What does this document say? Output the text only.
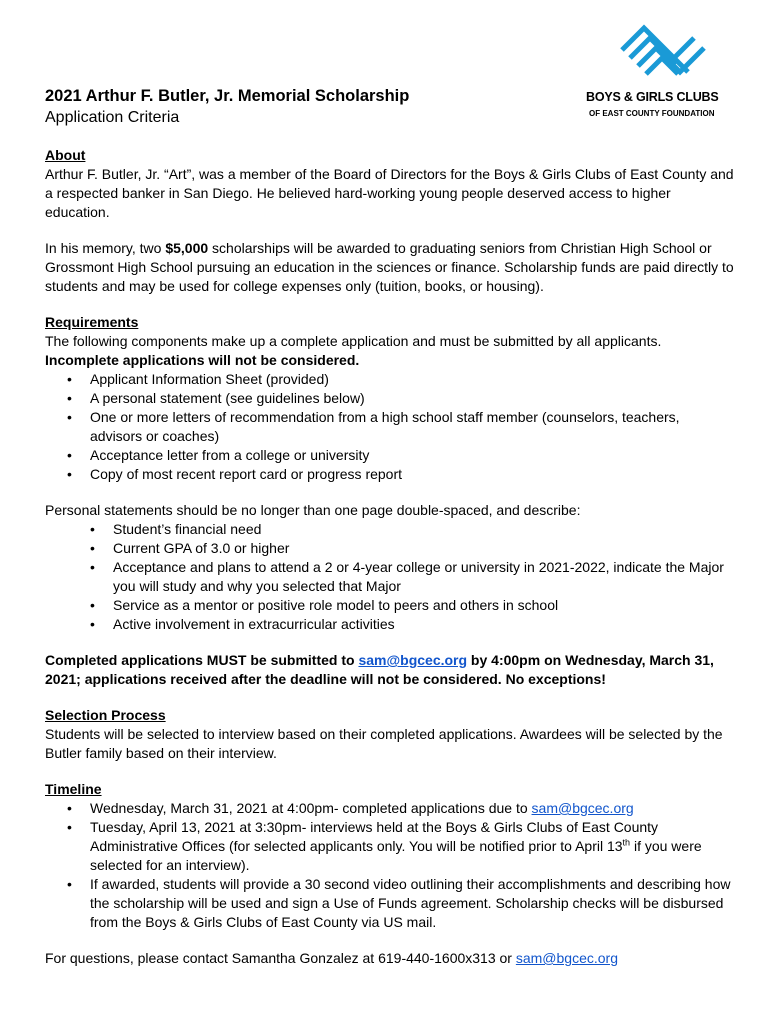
BOYS & GIRLS CLUBS
OF EAST COUNTY FOUNDATION
2021 Arthur F. Butler, Jr. Memorial Scholarship
Application Criteria

About

Arthur F. Butler, Jr. “Art”, was a member of the Board of Directors for the Boys & Girls Clubs of East County and a respected banker in San Diego. He believed hard-working young people deserved access to higher education.

In his memory, two $5,000 scholarships will be awarded to graduating seniors from Christian High School or Grossmont High School pursuing an education in the sciences or finance. Scholarship funds are paid directly to students and may be used for college expenses only (tuition, books, or housing).

Requirements

The following components make up a complete application and must be submitted by all applicants.

Incomplete applications will not be considered.

• Applicant Information Sheet (provided)
• A personal statement (see guidelines below)
• One or more letters of recommendation from a high school staff member (counselors, teachers, advisors or coaches)
• Acceptance letter from a college or university
• Copy of most recent report card or progress report

Personal statements should be no longer than one page double-spaced, and describe:

• Student’s financial need
• Current GPA of 3.0 or higher
• Acceptance and plans to attend a 2 or 4-year college or university in 2021-2022, indicate the Major you will study and why you selected that Major
• Service as a mentor or positive role model to peers and others in school
• Active involvement in extracurricular activities

Completed applications MUST be submitted to sam@bgcec.org by 4:00pm on Wednesday, March 31, 2021; applications received after the deadline will not be considered. No exceptions!

Selection Process

Students will be selected to interview based on their completed applications. Awardees will be selected by the Butler family based on their interview.

Timeline

• Wednesday, March 31, 2021 at 4:00pm- completed applications due to sam@bgcec.org
• Tuesday, April 13, 2021 at 3:30pm- interviews held at the Boys & Girls Clubs of East County Administrative Offices (for selected applicants only. You will be notified prior to April 13th if you were selected for an interview).
• If awarded, students will provide a 30 second video outlining their accomplishments and describing how the scholarship will be used and sign a Use of Funds agreement. Scholarship checks will be disbursed from the Boys & Girls Clubs of East County via US mail.

For questions, please contact Samantha Gonzalez at 619-440-1600x313 or sam@bgcec.org
